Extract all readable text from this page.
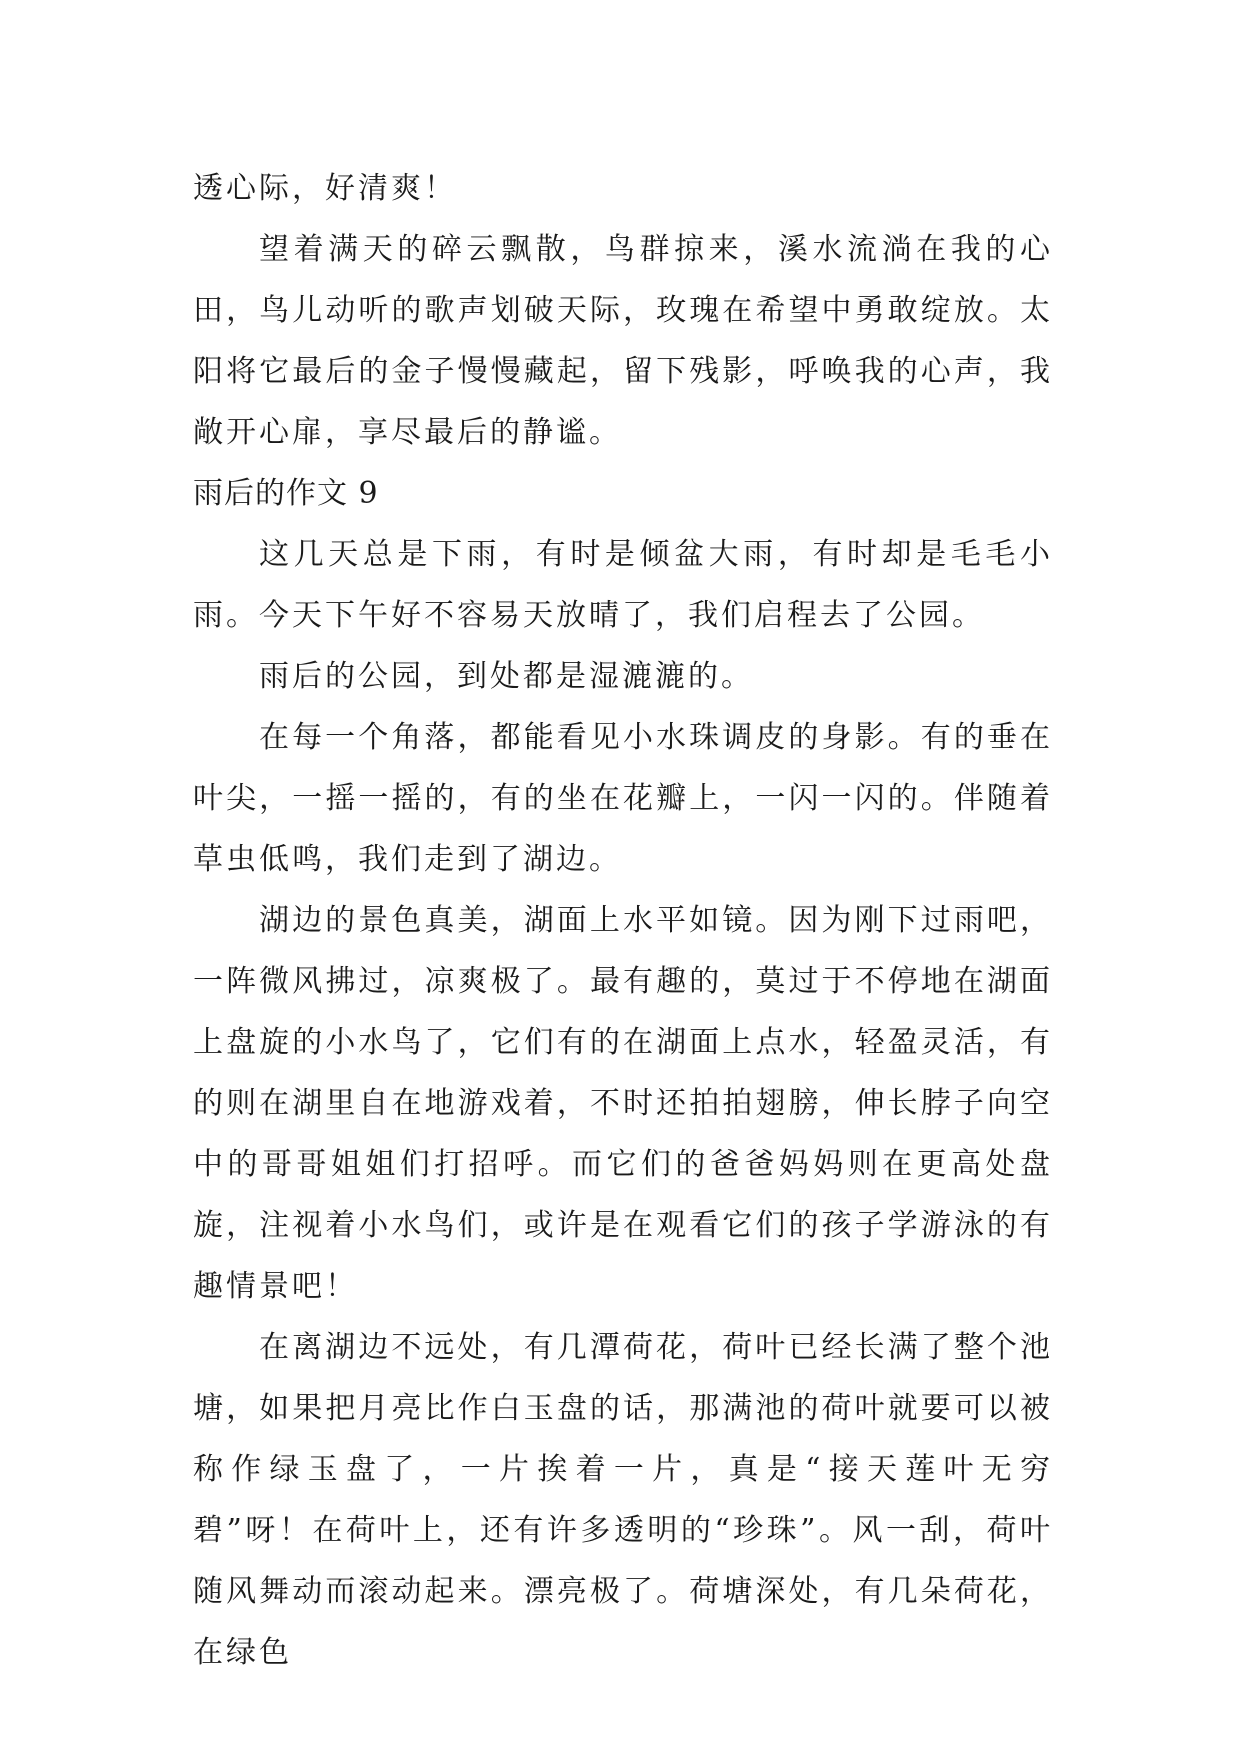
透心际，好清爽！

望着满天的碎云飘散，鸟群掠来，溪水流淌在我的心田，鸟儿动听的歌声划破天际，玫瑰在希望中勇敢绽放。太阳将它最后的金子慢慢藏起，留下残影，呼唤我的心声，我敞开心扉，享尽最后的静谧。

雨后的作文 9

这几天总是下雨，有时是倾盆大雨，有时却是毛毛小雨。今天下午好不容易天放晴了，我们启程去了公园。

雨后的公园，到处都是湿漉漉的。

在每一个角落，都能看见小水珠调皮的身影。有的垂在叶尖，一摇一摇的，有的坐在花瓣上，一闪一闪的。伴随着草虫低鸣，我们走到了湖边。

湖边的景色真美，湖面上水平如镜。因为刚下过雨吧，一阵微风拂过，凉爽极了。最有趣的，莫过于不停地在湖面上盘旋的小水鸟了，它们有的在湖面上点水，轻盈灵活，有的则在湖里自在地游戏着，不时还拍拍翅膀，伸长脖子向空中的哥哥姐姐们打招呼。而它们的爸爸妈妈则在更高处盘旋，注视着小水鸟们，或许是在观看它们的孩子学游泳的有趣情景吧！

在离湖边不远处，有几潭荷花，荷叶已经长满了整个池塘，如果把月亮比作白玉盘的话，那满池的荷叶就要可以被称作绿玉盘了，一片挨着一片，真是“接天莲叶无穷碧”呀！在荷叶上，还有许多透明的“珍珠”。风一刮，荷叶随风舞动而滚动起来。漂亮极了。荷塘深处，有几朵荷花，在绿色
